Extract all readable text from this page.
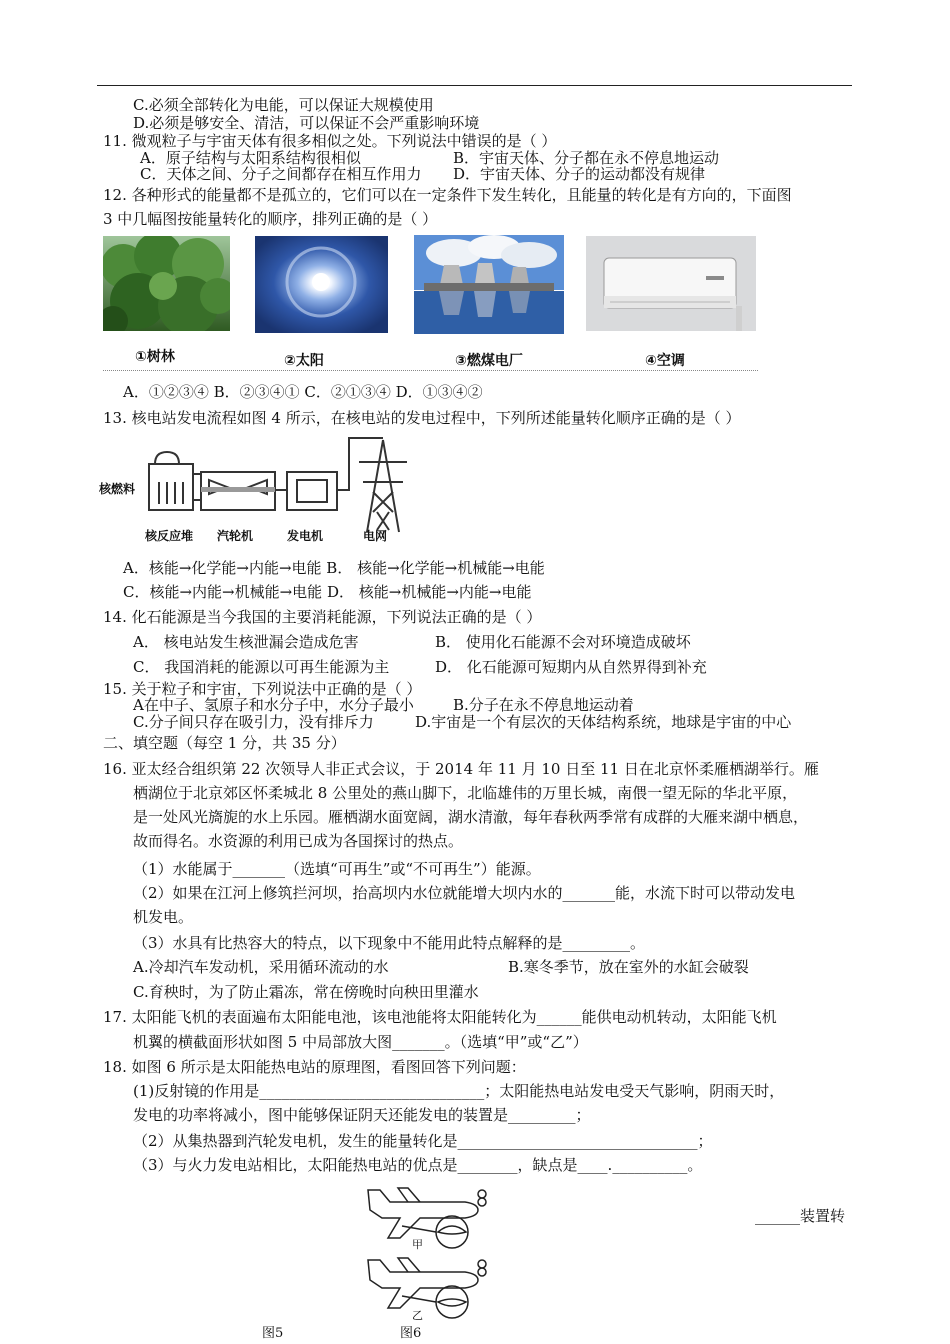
C.必须全部转化为电能，可以保证大规模使用
D.必须是够安全、清洁，可以保证不会严重影响环境
11. 微观粒子与宇宙天体有很多相似之处。下列说法中错误的是（ ）
A．原子结构与太阳系结构很相似	B．宇宙天体、分子都在永不停息地运动
C．天体之间、分子之间都存在相互作用力 D．宇宙天体、分子的运动都没有规律
12. 各种形式的能量都不是孤立的，它们可以在一定条件下发生转化，且能量的转化是有方向的，下面图
3 中几幅图按能量转化的顺序，排列正确的是（ ）
①树林	②太阳	③燃煤电厂	④空调
A．①②③④ B．②③④① C．②①③④ D．①③④②
13. 核电站发电流程如图 4 所示，在核电站的发电过程中，下列所述能量转化顺序正确的是（ ）
核燃料
核反应堆 汽轮机	发电机	电网
A．核能→化学能→内能→电能 B． 核能→化学能→机械能→电能
C．核能→内能→机械能→电能 D． 核能→机械能→内能→电能
14. 化石能源是当今我国的主要消耗能源，下列说法正确的是（ ）
A． 核电站发生核泄漏会造成危害	B． 使用化石能源不会对环境造成破坏
C． 我国消耗的能源以可再生能源为主	D． 化石能源可短期内从自然界得到补充
15. 关于粒子和宇宙，下列说法中正确的是（ ）
A在中子、氢原子和水分子中，水分子最小	B.分子在永不停息地运动着
C.分子间只存在吸引力，没有排斥力	D.宇宙是一个有层次的天体结构系统，地球是宇宙的中心
二、填空题（每空 1 分，共 35 分）
16. 亚太经合组织第 22 次领导人非正式会议，于 2014 年 11 月 10 日至 11 日在北京怀柔雁栖湖举行。雁
栖湖位于北京郊区怀柔城北 8 公里处的燕山脚下，北临雄伟的万里长城，南偎一望无际的华北平原，
是一处风光旖旎的水上乐园。雁栖湖水面宽阔，湖水清澈，每年春秋两季常有成群的大雁来湖中栖息，
故而得名。水资源的利用已成为各国探讨的热点。
（1）水能属于_______（选填“可再生”或“不可再生”）能源。
（2）如果在江河上修筑拦河坝，抬高坝内水位就能增大坝内水的_______能，水流下时可以带动发电
机发电。
（3）水具有比热容大的特点，以下现象中不能用此特点解释的是_________。
A.冷却汽车发动机，采用循环流动的水	B.寒冬季节，放在室外的水缸会破裂
C.育秧时，为了防止霜冻，常在傍晚时向秧田里灌水
17. 太阳能飞机的表面遍布太阳能电池，该电池能将太阳能转化为______能供电动机转动，太阳能飞机
机翼的横截面形状如图 5 中局部放大图_______。（选填“甲”或“乙”）
18. 如图 6 所示是太阳能热电站的原理图，看图回答下列问题：
(1)反射镜的作用是______________________________；太阳能热电站发电受天气影响，阴雨天时，
发电的功率将减小，图中能够保证阴天还能发电的装置是_________；
（2）从集热器到汽轮发电机，发生的能量转化是________________________________；
（3）与火力发电站相比，太阳能热电站的优点是________，缺点是____.__________。
______装置转
甲
乙
图5	图6
